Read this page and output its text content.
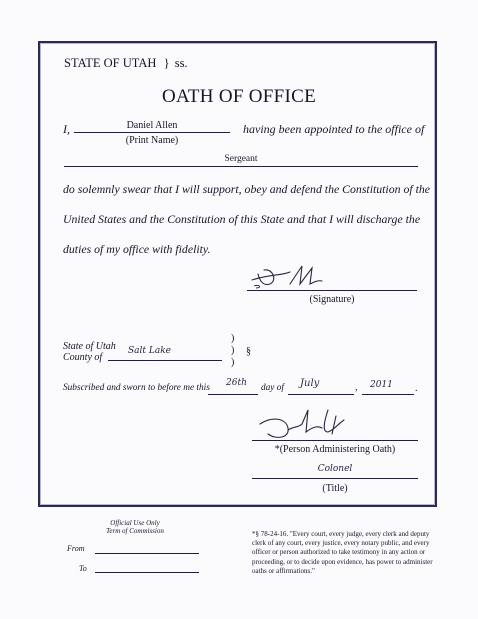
STATE OF UTAH } ss.
OATH OF OFFICE
I,	Daniel Allen
(Print Name)
having been appointed to the office of
Sergeant
do solemnly swear that I will support, obey and defend the Constitution of the
United States and the Constitution of this State and that I will discharge the
duties of my office with fidelity.
(Signature)
State of Utah
County of
Salt Lake
)
)
)
§
Subscribed and sworn to before me this 26th day of July	, 2011 .
*(Person Administering Oath)
Colonel
(Title)
Official Use Only
Term of Commission
From
To
*§ 78-24-16. "Every court, every judge, every clerk and deputy clerk of any court, every justice, every notary public, and every officer or person authorized to take testimony in any action or proceeding, or to decide upon evidence, has power to administer oaths or affirmations."
